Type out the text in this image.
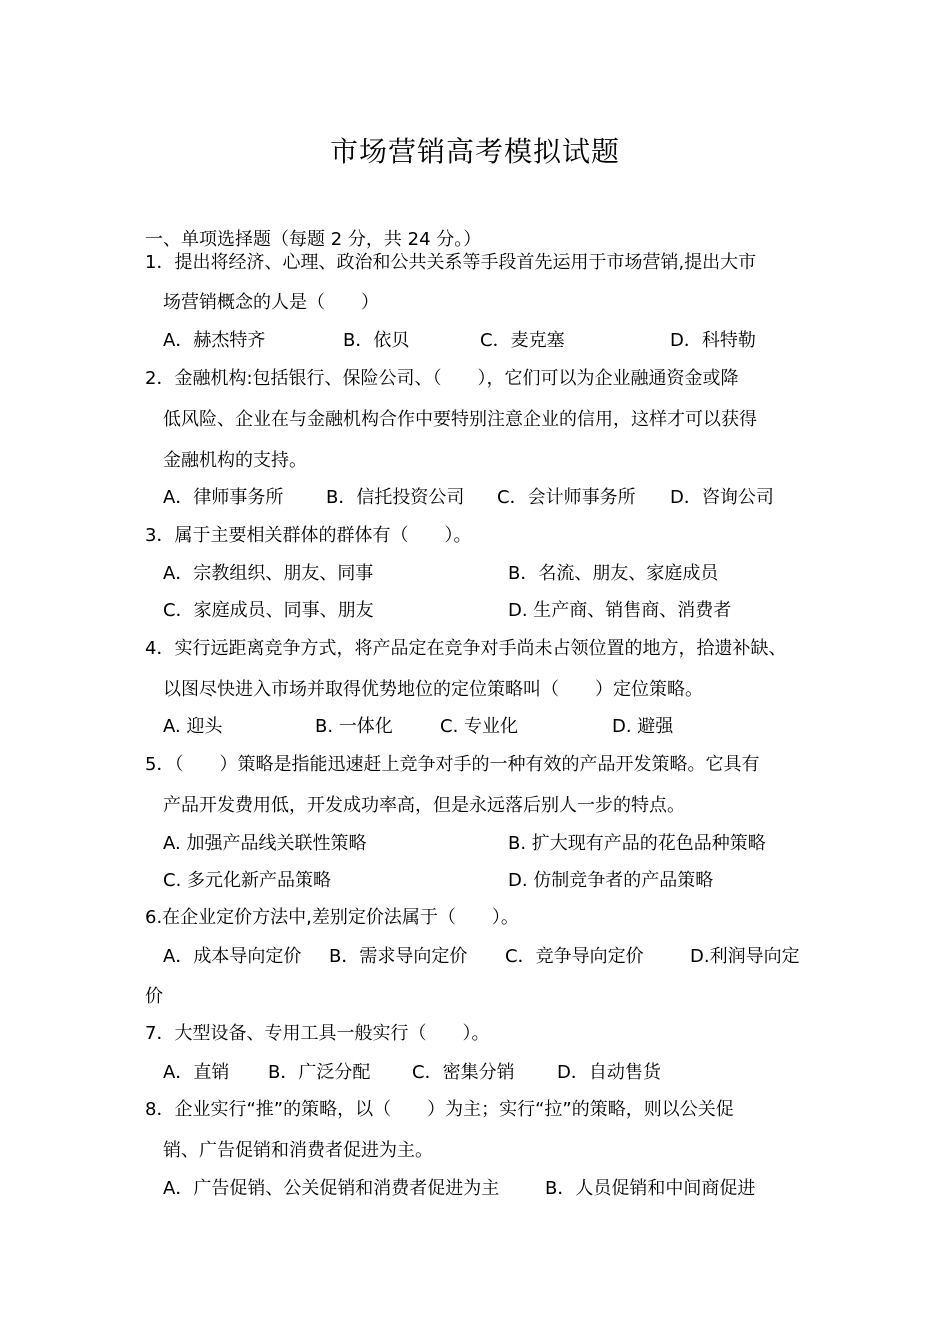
市场营销高考模拟试题
一、单项选择题（每题 2 分，共 24 分。）
1．提出将经济、心理、政治和公共关系等手段首先运用于市场营销,提出大市
场营销概念的人是（　　）
A．赫杰特齐	B．依贝	C．麦克塞	D．科特勒
2．金融机构:包括银行、保险公司、（　　），它们可以为企业融通资金或降
低风险、企业在与金融机构合作中要特别注意企业的信用，这样才可以获得
金融机构的支持。
A．律师事务所 B．信托投资公司 C．会计师事务所 D．咨询公司
3．属于主要相关群体的群体有（　　）。
A．宗教组织、朋友、同事	B．名流、朋友、家庭成员
C．家庭成员、同事、朋友	D. 生产商、销售商、消费者
4．实行远距离竞争方式，将产品定在竞争对手尚未占领位置的地方，拾遗补缺、
以图尽快进入市场并取得优势地位的定位策略叫（　　）定位策略。
A. 迎头	B. 一体化	C. 专业化	D. 避强
5．（　　）策略是指能迅速赶上竞争对手的一种有效的产品开发策略。它具有
产品开发费用低，开发成功率高，但是永远落后别人一步的特点。
A. 加强产品线关联性策略	B. 扩大现有产品的花色品种策略
C. 多元化新产品策略	D. 仿制竞争者的产品策略
6.在企业定价方法中,差别定价法属于（　　）。
A．成本导向定价 B．需求导向定价 C．竞争导向定价	D.利润导向定
价
7．大型设备、专用工具一般实行（　　）。
A．直销 B．广泛分配 C．密集分销 D．自动售货
8．企业实行“推”的策略，以（　　）为主；实行“拉”的策略，则以公关促
销、广告促销和消费者促进为主。
A．广告促销、公关促销和消费者促进为主	B．人员促销和中间商促进
